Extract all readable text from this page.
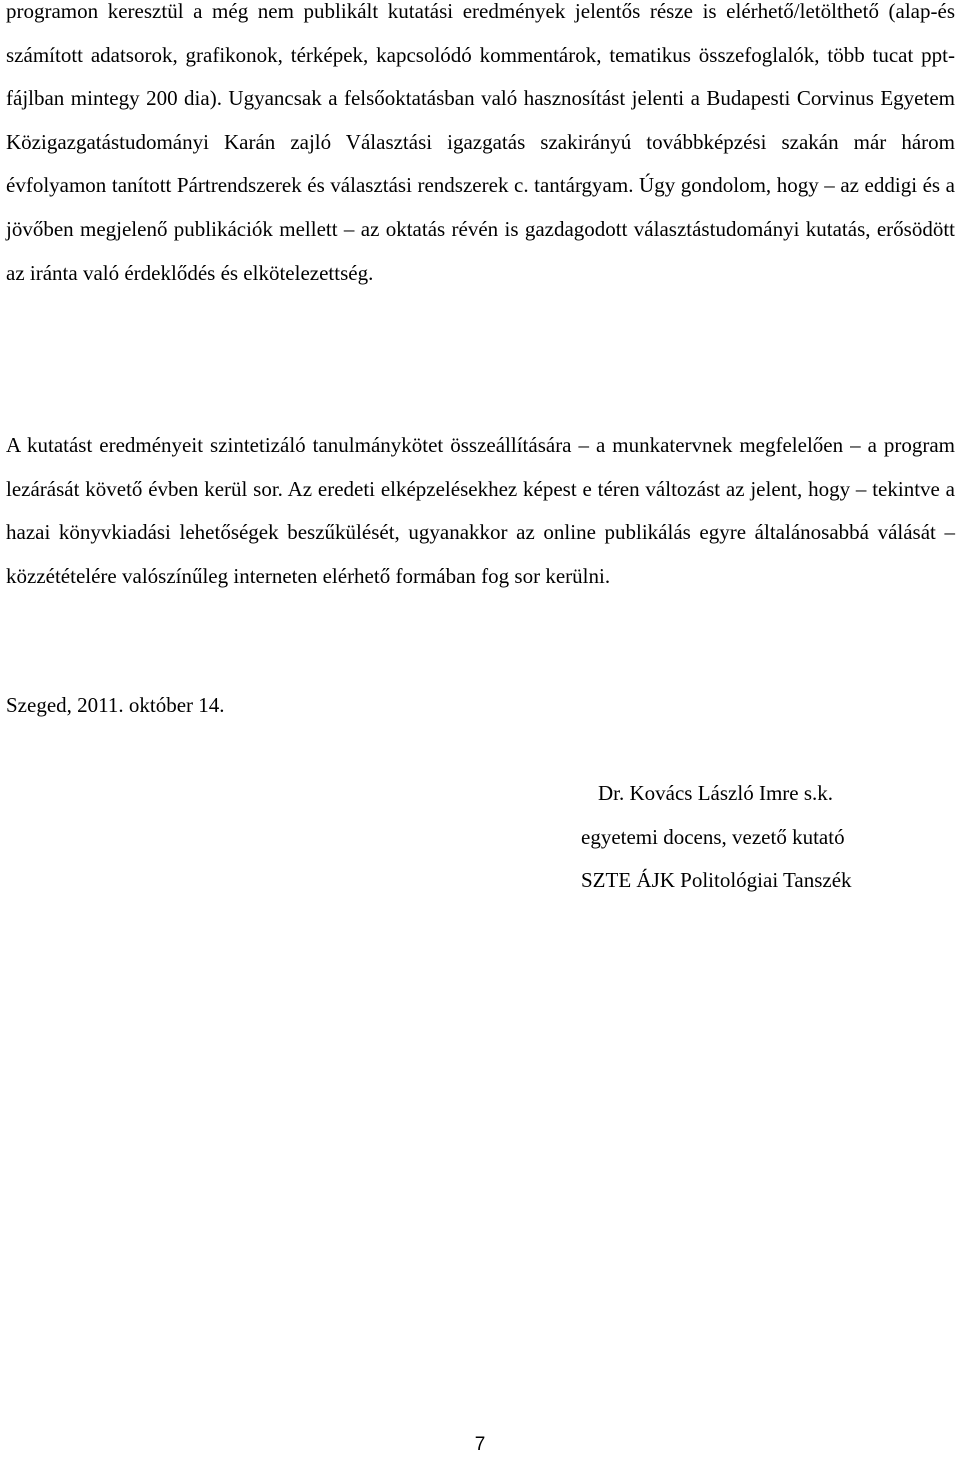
programon keresztül a még nem publikált kutatási eredmények jelentős része is elérhető/letölthető (alap-és számított adatsorok, grafikonok, térképek, kapcsolódó kommentárok, tematikus összefoglalók, több tucat ppt-fájlban mintegy 200 dia). Ugyancsak a felsőoktatásban való hasznosítást jelenti a Budapesti Corvinus Egyetem Közigazgatástudományi Karán zajló Választási igazgatás szakirányú továbbképzési szakán már három évfolyamon tanított Pártrendszerek és választási rendszerek c. tantárgyam. Úgy gondolom, hogy – az eddigi és a jövőben megjelenő publikációk mellett – az oktatás révén is gazdagodott választástudományi kutatás, erősödött az iránta való érdeklődés és elkötelezettség.

A kutatást eredményeit szintetizáló tanulmánykötet összeállítására – a munkatervnek megfelelően – a program lezárását követő évben kerül sor. Az eredeti elképzelésekhez képest e téren változást az jelent, hogy – tekintve a hazai könyvkiadási lehetőségek beszűkülését, ugyanakkor az online publikálás egyre általánosabbá válását – közzétételére valószínűleg interneten elérhető formában fog sor kerülni.

Szeged, 2011. október 14.

Dr. Kovács László Imre s.k.
egyetemi docens, vezető kutató
SZTE ÁJK Politológiai Tanszék
7
